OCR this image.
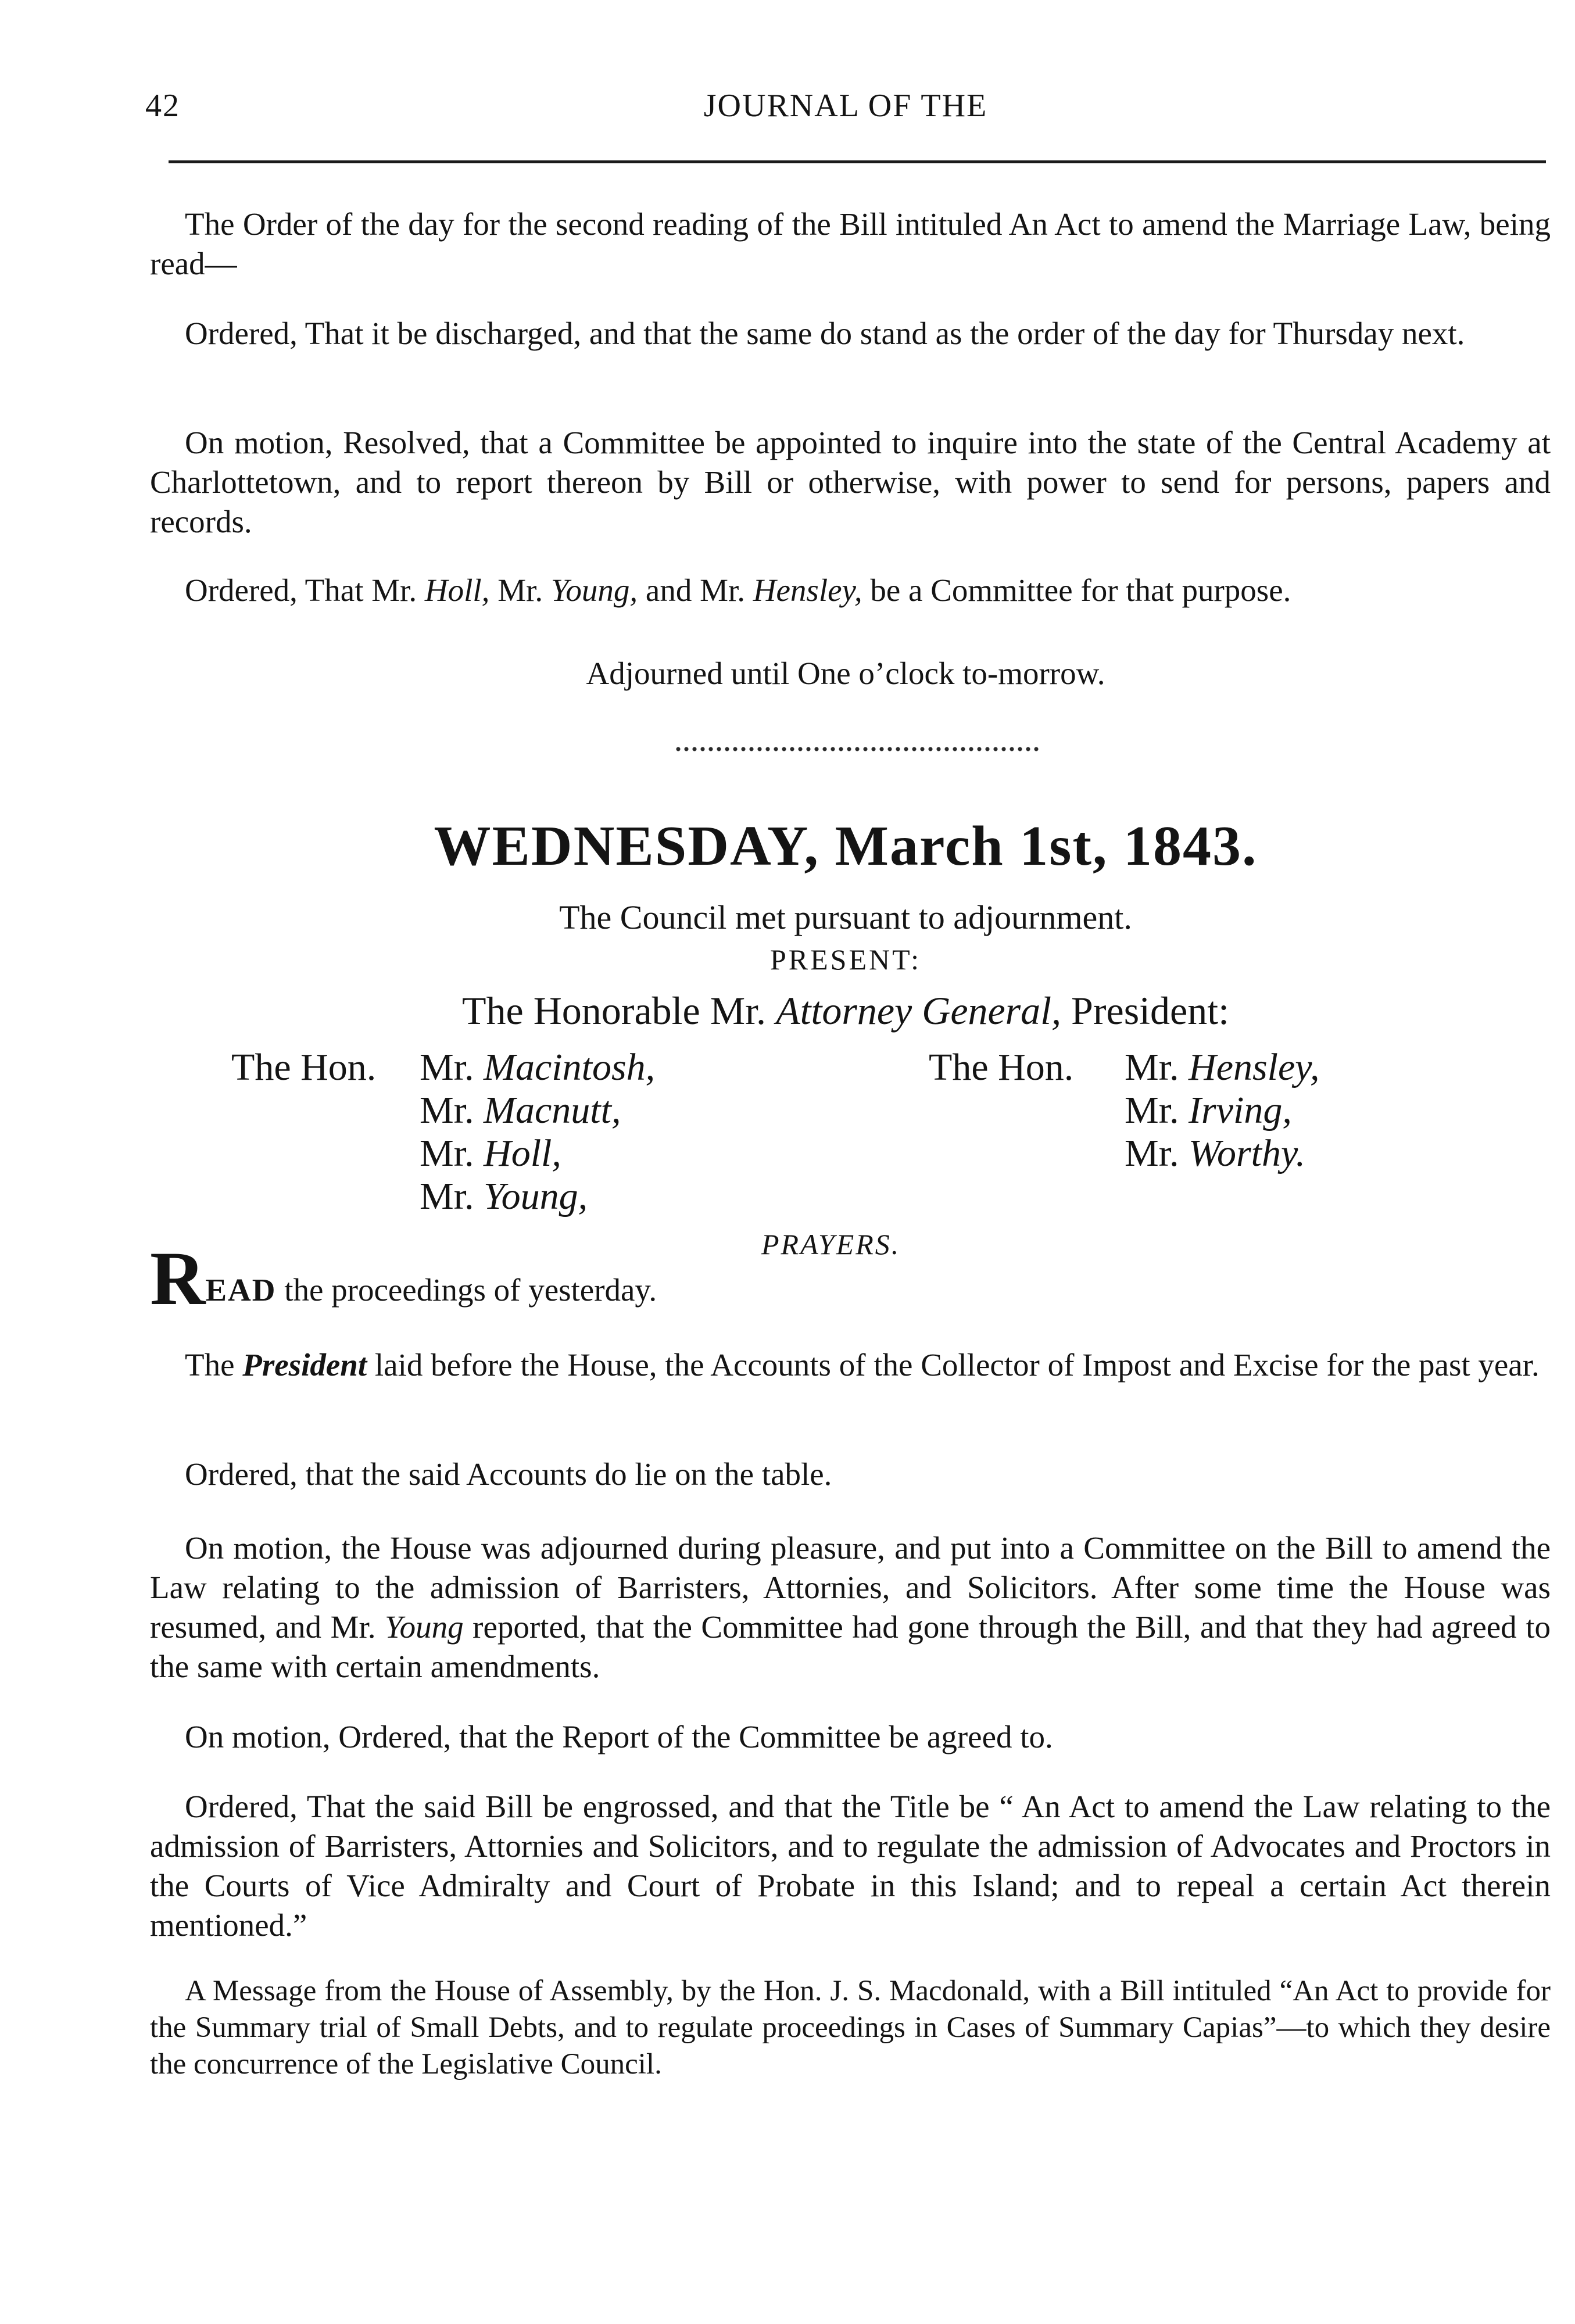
42	JOURNAL OF THE

The Order of the day for the second reading of the Bill intituled An Act to amend the Marriage Law, being read—

Ordered, That it be discharged, and that the same do stand as the order of the day for Thursday next.

On motion, Resolved, that a Committee be appointed to inquire into the state of the Central Academy at Charlottetown, and to report thereon by Bill or otherwise, with power to send for persons, papers and records.

Ordered, That Mr. Holl, Mr. Young, and Mr. Hensley, be a Committee for that purpose.

Adjourned until One o’clock to-morrow.

WEDNESDAY, March 1st, 1843.
The Council met pursuant to adjournment.
PRESENT:
The Honorable Mr. Attorney General, President:
The Hon. Mr. Macintosh,
Mr. Macnutt,
Mr. Holl,
Mr. Young,
The Hon. Mr. Hensley,
Mr. Irving,
Mr. Worthy.
PRAYERS.
READ the proceedings of yesterday.

The President laid before the House, the Accounts of the Collector of Impost and Excise for the past year.

Ordered, that the said Accounts do lie on the table.

On motion, the House was adjourned during pleasure, and put into a Committee on the Bill to amend the Law relating to the admission of Barristers, Attornies, and Solicitors. After some time the House was resumed, and Mr. Young reported, that the Committee had gone through the Bill, and that they had agreed to the same with certain amendments.

On motion, Ordered, that the Report of the Committee be agreed to.

Ordered, That the said Bill be engrossed, and that the Title be “ An Act to amend the Law relating to the admission of Barristers, Attornies and Solicitors, and to regulate the admission of Advocates and Proctors in the Courts of Vice Admiralty and Court of Probate in this Island; and to repeal a certain Act therein mentioned.”

A Message from the House of Assembly, by the Hon. J. S. Macdonald, with a Bill intituled “An Act to provide for the Summary trial of Small Debts, and to regulate proceedings in Cases of Summary Capias”—to which they desire the concurrence of the Legislative Council.
